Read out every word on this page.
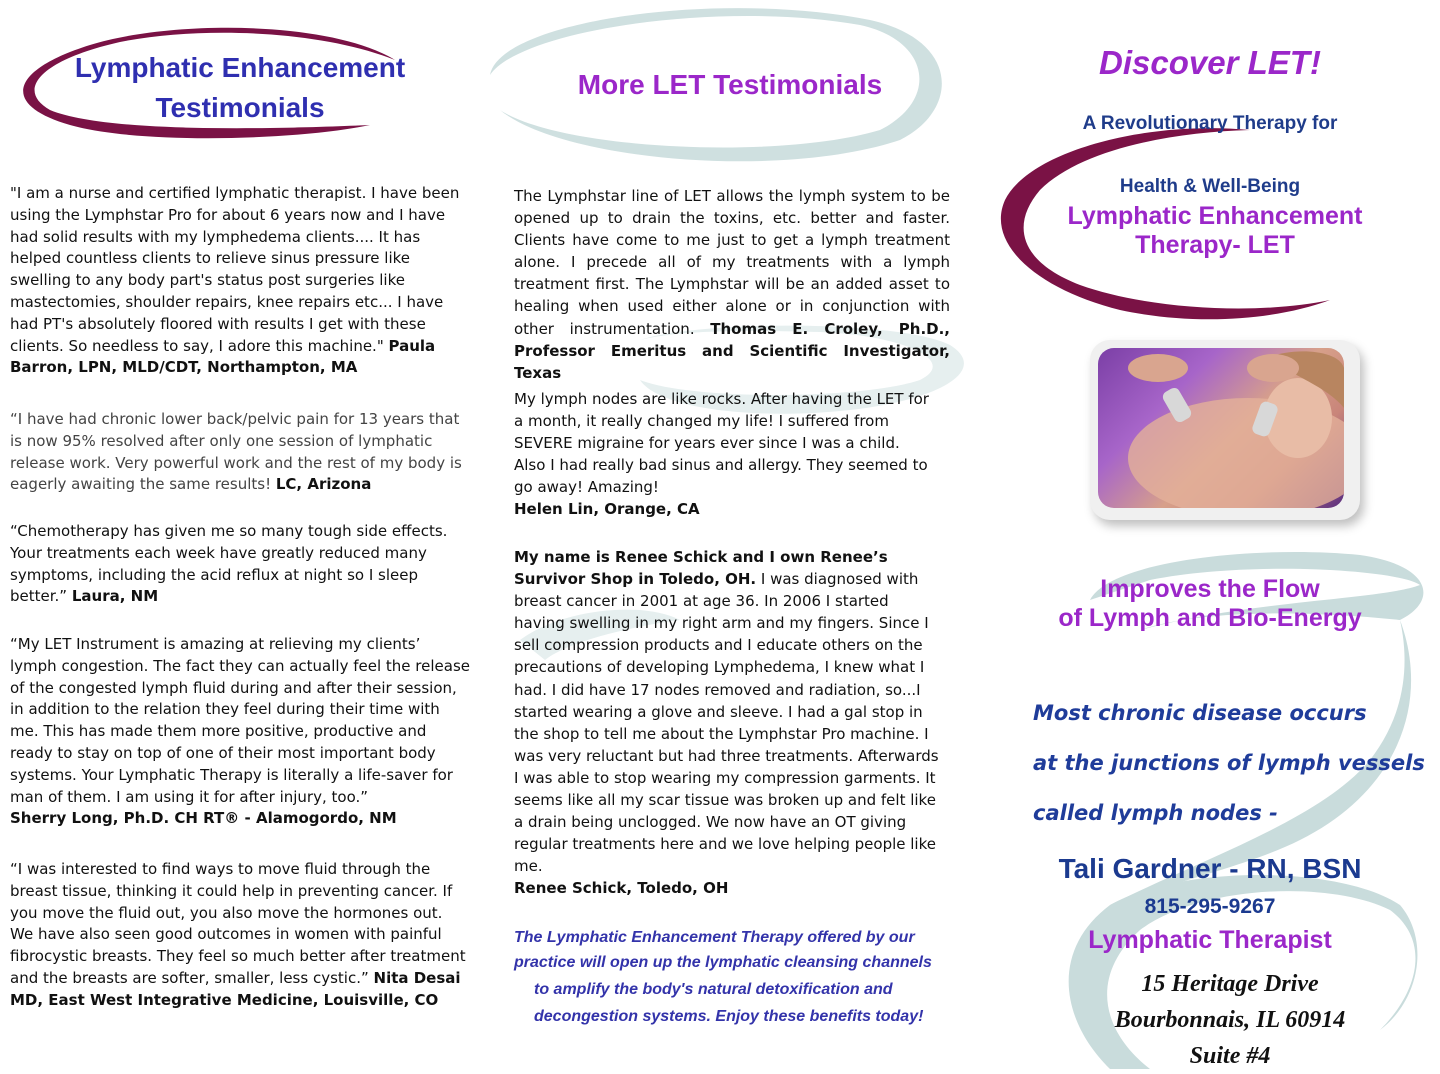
Lymphatic Enhancement
Testimonials

"I am a nurse and certified lymphatic therapist. I have been using the Lymphstar Pro for about 6 years now and I have had solid results with my lymphedema clients.... It has helped countless clients to relieve sinus pressure like swelling to any body part's status post surgeries like mastectomies, shoulder repairs, knee repairs etc... I have had PT's absolutely floored with results I get with these clients. So needless to say, I adore this machine." Paula Barron, LPN, MLD/CDT, Northampton, MA

“I have had chronic lower back/pelvic pain for 13 years that is now 95% resolved after only one session of lymphatic release work. Very powerful work and the rest of my body is eagerly awaiting the same results! LC, Arizona

“Chemotherapy has given me so many tough side effects. Your treatments each week have greatly reduced many symptoms, including the acid reflux at night so I sleep better.” Laura, NM

“My LET Instrument is amazing at relieving my clients’ lymph congestion. The fact they can actually feel the release of the congested lymph fluid during and after their session, in addition to the relation they feel during their time with me. This has made them more positive, productive and ready to stay on top of one of their most important body systems. Your Lymphatic Therapy is literally a life-saver for man of them. I am using it for after injury, too.”
Sherry Long, Ph.D. CH RT® - Alamogordo, NM

“I was interested to find ways to move fluid through the breast tissue, thinking it could help in preventing cancer. If you move the fluid out, you also move the hormones out. We have also seen good outcomes in women with painful fibrocystic breasts. They feel so much better after treatment and the breasts are softer, smaller, less cystic.” Nita Desai MD, East West Integrative Medicine, Louisville, CO

More LET Testimonials

The Lymphstar line of LET allows the lymph system to be opened up to drain the toxins, etc. better and faster. Clients have come to me just to get a lymph treatment alone. I precede all of my treatments with a lymph treatment first. The Lymphstar will be an added asset to healing when used either alone or in conjunction with other instrumentation. Thomas E. Croley, Ph.D., Professor Emeritus and Scientific Investigator, Texas

My lymph nodes are like rocks. After having the LET for a month, it really changed my life! I suffered from SEVERE migraine for years ever since I was a child. Also I had really bad sinus and allergy. They seemed to go away! Amazing!
Helen Lin, Orange, CA

My name is Renee Schick and I own Renee’s Survivor Shop in Toledo, OH. I was diagnosed with breast cancer in 2001 at age 36. In 2006 I started having swelling in my right arm and my fingers. Since I sell compression products and I educate others on the precautions of developing Lymphedema, I knew what I had. I did have 17 nodes removed and radiation, so...I started wearing a glove and sleeve. I had a gal stop in the shop to tell me about the Lymphstar Pro machine. I was very reluctant but had three treatments. Afterwards I was able to stop wearing my compression garments. It seems like all my scar tissue was broken up and felt like a drain being unclogged. We now have an OT giving regular treatments here and we love helping people like me.
Renee Schick, Toledo, OH

The Lymphatic Enhancement Therapy offered by our
practice will open up the lymphatic cleansing channels
to amplify the body's natural detoxification and
decongestion systems. Enjoy these benefits today!

Discover LET!
A Revolutionary Therapy for
Health & Well-Being
Lymphatic Enhancement
Therapy- LET
Improves the Flow
of Lymph and Bio-Energy
Most chronic disease occurs
at the junctions of lymph vessels
called lymph nodes -
Tali Gardner - RN, BSN
815-295-9267
Lymphatic Therapist
15 Heritage Drive
Bourbonnais, IL 60914
Suite #4
